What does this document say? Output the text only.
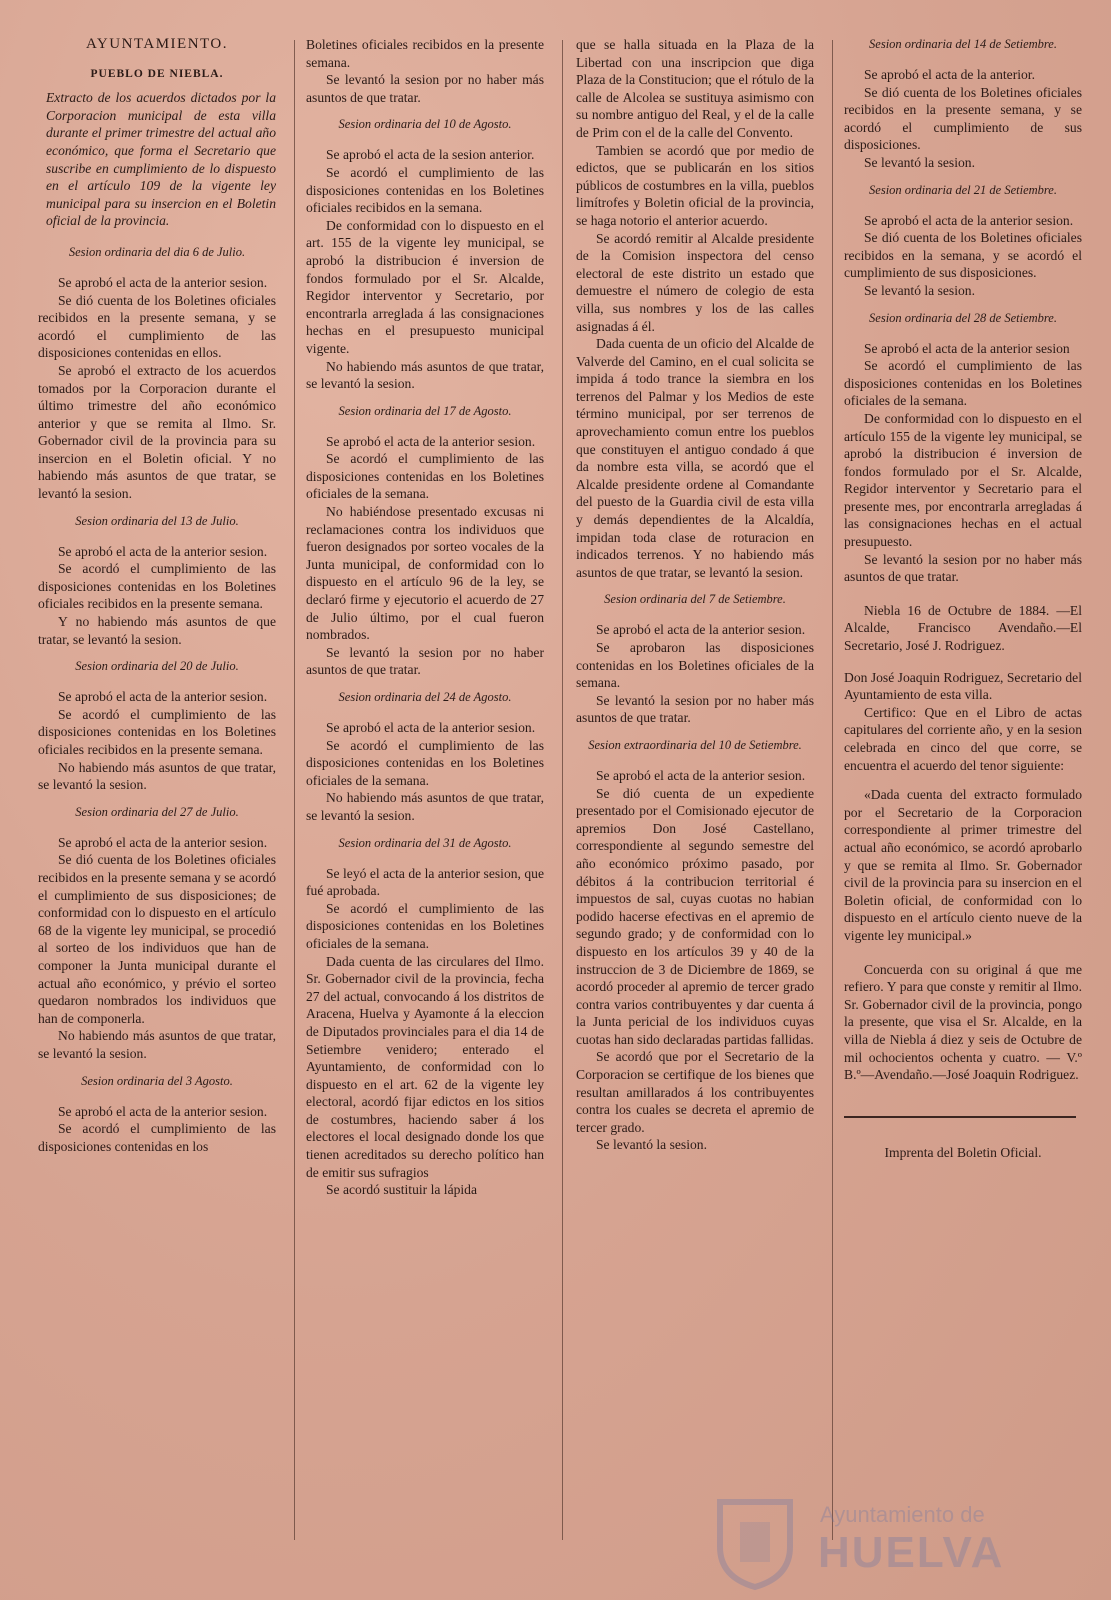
AYUNTAMIENTO.

PUEBLO DE NIEBLA.

Extracto de los acuerdos dictados por la Corporacion municipal de esta villa durante el primer trimestre del actual año económico, que forma el Secretario que suscribe en cumplimiento de lo dispuesto en el artículo 109 de la vigente ley municipal para su insercion en el Boletin oficial de la provincia.

Sesion ordinaria del dia 6 de Julio.

Se aprobó el acta de la anterior sesion.

Se dió cuenta de los Boletines oficiales recibidos en la presente semana, y se acordó el cumplimiento de las disposiciones contenidas en ellos.

Se aprobó el extracto de los acuerdos tomados por la Corporacion durante el último trimestre del año económico anterior y que se remita al Ilmo. Sr. Gobernador civil de la provincia para su insercion en el Boletin oficial. Y no habiendo más asuntos de que tratar, se levantó la sesion.

Sesion ordinaria del 13 de Julio.

Se aprobó el acta de la anterior sesion.

Se acordó el cumplimiento de las disposiciones contenidas en los Boletines oficiales recibidos en la presente semana.

Y no habiendo más asuntos de que tratar, se levantó la sesion.

Sesion ordinaria del 20 de Julio.

Se aprobó el acta de la anterior sesion.

Se acordó el cumplimiento de las disposiciones contenidas en los Boletines oficiales recibidos en la presente semana.

No habiendo más asuntos de que tratar, se levantó la sesion.

Sesion ordinaria del 27 de Julio.

Se aprobó el acta de la anterior sesion.

Se dió cuenta de los Boletines oficiales recibidos en la presente semana y se acordó el cumplimiento de sus disposiciones; de conformidad con lo dispuesto en el artículo 68 de la vigente ley municipal, se procedió al sorteo de los individuos que han de componer la Junta municipal durante el actual año económico, y prévio el sorteo quedaron nombrados los individuos que han de componerla.

No habiendo más asuntos de que tratar, se levantó la sesion.

Sesion ordinaria del 3 Agosto.

Se aprobó el acta de la anterior sesion.

Se acordó el cumplimiento de las disposiciones contenidas en los

Boletines oficiales recibidos en la presente semana.

Se levantó la sesion por no haber más asuntos de que tratar.

Sesion ordinaria del 10 de Agosto.

Se aprobó el acta de la sesion anterior.

Se acordó el cumplimiento de las disposiciones contenidas en los Boletines oficiales recibidos en la semana.

De conformidad con lo dispuesto en el art. 155 de la vigente ley municipal, se aprobó la distribucion é inversion de fondos formulado por el Sr. Alcalde, Regidor interventor y Secretario, por encontrarla arreglada á las consignaciones hechas en el presupuesto municipal vigente.

No habiendo más asuntos de que tratar, se levantó la sesion.

Sesion ordinaria del 17 de Agosto.

Se aprobó el acta de la anterior sesion.

Se acordó el cumplimiento de las disposiciones contenidas en los Boletines oficiales de la semana.

No habiéndose presentado excusas ni reclamaciones contra los individuos que fueron designados por sorteo vocales de la Junta municipal, de conformidad con lo dispuesto en el artículo 96 de la ley, se declaró firme y ejecutorio el acuerdo de 27 de Julio último, por el cual fueron nombrados.

Se levantó la sesion por no haber asuntos de que tratar.

Sesion ordinaria del 24 de Agosto.

Se aprobó el acta de la anterior sesion.

Se acordó el cumplimiento de las disposiciones contenidas en los Boletines oficiales de la semana.

No habiendo más asuntos de que tratar, se levantó la sesion.

Sesion ordinaria del 31 de Agosto.

Se leyó el acta de la anterior sesion, que fué aprobada.

Se acordó el cumplimiento de las disposiciones contenidas en los Boletines oficiales de la semana.

Dada cuenta de las circulares del Ilmo. Sr. Gobernador civil de la provincia, fecha 27 del actual, convocando á los distritos de Aracena, Huelva y Ayamonte á la eleccion de Diputados provinciales para el dia 14 de Setiembre venidero; enterado el Ayuntamiento, de conformidad con lo dispuesto en el art. 62 de la vigente ley electoral, acordó fijar edictos en los sitios de costumbres, haciendo saber á los electores el local designado donde los que tienen acreditados su derecho político han de emitir sus sufragios

Se acordó sustituir la lápida

que se halla situada en la Plaza de la Libertad con una inscripcion que diga Plaza de la Constitucion; que el rótulo de la calle de Alcolea se sustituya asimismo con su nombre antiguo del Real, y el de la calle de Prim con el de la calle del Convento.

Tambien se acordó que por medio de edictos, que se publicarán en los sitios públicos de costumbres en la villa, pueblos limítrofes y Boletin oficial de la provincia, se haga notorio el anterior acuerdo.

Se acordó remitir al Alcalde presidente de la Comision inspectora del censo electoral de este distrito un estado que demuestre el número de colegio de esta villa, sus nombres y los de las calles asignadas á él.

Dada cuenta de un oficio del Alcalde de Valverde del Camino, en el cual solicita se impida á todo trance la siembra en los terrenos del Palmar y los Medios de este término municipal, por ser terrenos de aprovechamiento comun entre los pueblos que constituyen el antiguo condado á que da nombre esta villa, se acordó que el Alcalde presidente ordene al Comandante del puesto de la Guardia civil de esta villa y demás dependientes de la Alcaldía, impidan toda clase de roturacion en indicados terrenos. Y no habiendo más asuntos de que tratar, se levantó la sesion.

Sesion ordinaria del 7 de Setiembre.

Se aprobó el acta de la anterior sesion.

Se aprobaron las disposiciones contenidas en los Boletines oficiales de la semana.

Se levantó la sesion por no haber más asuntos de que tratar.

Sesion extraordinaria del 10 de Setiembre.

Se aprobó el acta de la anterior sesion.

Se dió cuenta de un expediente presentado por el Comisionado ejecutor de apremios Don José Castellano, correspondiente al segundo semestre del año económico próximo pasado, por débitos á la contribucion territorial é impuestos de sal, cuyas cuotas no habian podido hacerse efectivas en el apremio de segundo grado; y de conformidad con lo dispuesto en los artículos 39 y 40 de la instruccion de 3 de Diciembre de 1869, se acordó proceder al apremio de tercer grado contra varios contribuyentes y dar cuenta á la Junta pericial de los individuos cuyas cuotas han sido declaradas partidas fallidas.

Se acordó que por el Secretario de la Corporacion se certifique de los bienes que resultan amillarados á los contribuyentes contra los cuales se decreta el apremio de tercer grado.

Se levantó la sesion.

Sesion ordinaria del 14 de Setiembre.

Se aprobó el acta de la anterior.

Se dió cuenta de los Boletines oficiales recibidos en la presente semana, y se acordó el cumplimiento de sus disposiciones.

Se levantó la sesion.

Sesion ordinaria del 21 de Setiembre.

Se aprobó el acta de la anterior sesion.

Se dió cuenta de los Boletines oficiales recibidos en la semana, y se acordó el cumplimiento de sus disposiciones.

Se levantó la sesion.

Sesion ordinaria del 28 de Setiembre.

Se aprobó el acta de la anterior sesion

Se acordó el cumplimiento de las disposiciones contenidas en los Boletines oficiales de la semana.

De conformidad con lo dispuesto en el artículo 155 de la vigente ley municipal, se aprobó la distribucion é inversion de fondos formulado por el Sr. Alcalde, Regidor interventor y Secretario para el presente mes, por encontrarla arregladas á las consignaciones hechas en el actual presupuesto.

Se levantó la sesion por no haber más asuntos de que tratar.

Niebla 16 de Octubre de 1884. —El Alcalde, Francisco Avendaño.—El Secretario, José J. Rodriguez.

Don José Joaquin Rodriguez, Secretario del Ayuntamiento de esta villa.

Certifico: Que en el Libro de actas capitulares del corriente año, y en la sesion celebrada en cinco del que corre, se encuentra el acuerdo del tenor siguiente:

«Dada cuenta del extracto formulado por el Secretario de la Corporacion correspondiente al primer trimestre del actual año económico, se acordó aprobarlo y que se remita al Ilmo. Sr. Gobernador civil de la provincia para su insercion en el Boletin oficial, de conformidad con lo dispuesto en el artículo ciento nueve de la vigente ley municipal.»

Concuerda con su original á que me refiero. Y para que conste y remitir al Ilmo. Sr. Gobernador civil de la provincia, pongo la presente, que visa el Sr. Alcalde, en la villa de Niebla á diez y seis de Octubre de mil ochocientos ochenta y cuatro. — V.º B.º—Avendaño.—José Joaquin Rodriguez.

Imprenta del Boletin Oficial.

Ayuntamiento de
HUELVA
